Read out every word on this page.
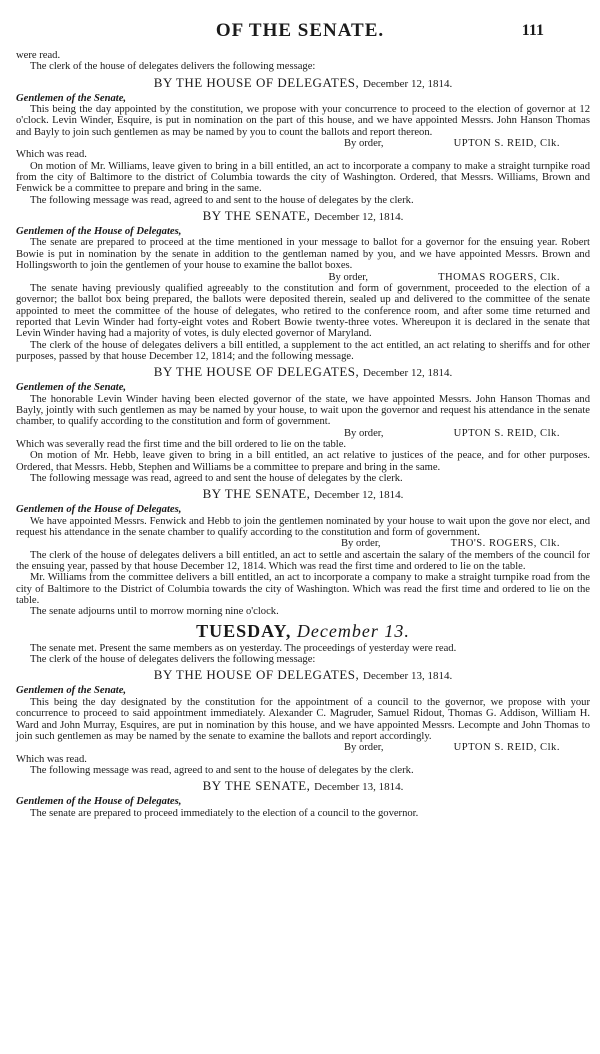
OF THE SENATE.	111

were read.

The clerk of the house of delegates delivers the following message:

BY THE HOUSE OF DELEGATES, December 12, 1814.

Gentlemen of the Senate,

This being the day appointed by the constitution, we propose with your concurrence to proceed to the election of governor at 12 o'clock. Levin Winder, Esquire, is put in nomination on the part of this house, and we have appointed Messrs. John Hanson Thomas and Bayly to join such gentlemen as may be named by you to count the ballots and report thereon.

By order,	UPTON S. REID, Clk.

Which was read.

On motion of Mr. Williams, leave given to bring in a bill entitled, an act to incorporate a company to make a straight turnpike road from the city of Baltimore to the district of Columbia towards the city of Washington. Ordered, that Messrs. Williams, Brown and Fenwick be a committee to prepare and bring in the same.

The following message was read, agreed to and sent to the house of delegates by the clerk.

BY THE SENATE, December 12, 1814.

Gentlemen of the House of Delegates,

The senate are prepared to proceed at the time mentioned in your message to ballot for a governor for the ensuing year. Robert Bowie is put in nomination by the senate in addition to the gentleman named by you, and we have appointed Messrs. Brown and Hollingsworth to join the gentlemen of your house to examine the ballot boxes.

By order,	THOMAS ROGERS, Clk.

The senate having previously qualified agreeably to the constitution and form of government, proceeded to the election of a governor; the ballot box being prepared, the ballots were deposited therein, sealed up and delivered to the committee of the senate appointed to meet the committee of the house of delegates, who retired to the conference room, and after some time returned and reported that Levin Winder had forty-eight votes and Robert Bowie twenty-three votes. Whereupon it is declared in the senate that Levin Winder having had a majority of votes, is duly elected governor of Maryland.

The clerk of the house of delegates delivers a bill entitled, a supplement to the act entitled, an act relating to sheriffs and for other purposes, passed by that house December 12, 1814; and the following message.

BY THE HOUSE OF DELEGATES, December 12, 1814.

Gentlemen of the Senate,

The honorable Levin Winder having been elected governor of the state, we have appointed Messrs. John Hanson Thomas and Bayly, jointly with such gentlemen as may be named by your house, to wait upon the governor and request his attendance in the senate chamber, to qualify according to the constitution and form of government.

By order,	UPTON S. REID, Clk.

Which was severally read the first time and the bill ordered to lie on the table.

On motion of Mr. Hebb, leave given to bring in a bill entitled, an act relative to justices of the peace, and for other purposes. Ordered, that Messrs. Hebb, Stephen and Williams be a committee to prepare and bring in the same.

The following message was read, agreed to and sent the house of delegates by the clerk.

BY THE SENATE, December 12, 1814.

Gentlemen of the House of Delegates,

We have appointed Messrs. Fenwick and Hebb to join the gentlemen nominated by your house to wait upon the gove nor elect, and request his attendance in the senate chamber to qualify according to the constitution and form of government.

By order,	THO'S. ROGERS, Clk.

The clerk of the house of delegates delivers a bill entitled, an act to settle and ascertain the salary of the members of the council for the ensuing year, passed by that house December 12, 1814. Which was read the first time and ordered to lie on the table.

Mr. Williams from the committee delivers a bill entitled, an act to incorporate a company to make a straight turnpike road from the city of Baltimore to the District of Columbia towards the city of Washington. Which was read the first time and ordered to lie on the table.

The senate adjourns until to morrow morning nine o'clock.

TUESDAY, December 13.

The senate met. Present the same members as on yesterday. The proceedings of yesterday were read.

The clerk of the house of delegates delivers the following message:

BY THE HOUSE OF DELEGATES, December 13, 1814.

Gentlemen of the Senate,

This being the day designated by the constitution for the appointment of a council to the governor, we propose with your concurrence to proceed to said appointment immediately. Alexander C. Magruder, Samuel Ridout, Thomas G. Addison, William H. Ward and John Murray, Esquires, are put in nomination by this house, and we have appointed Messrs. Lecompte and John Thomas to join such gentlemen as may be named by the senate to examine the ballots and report accordingly.

By order,	UPTON S. REID, Clk.

Which was read.

The following message was read, agreed to and sent to the house of delegates by the clerk.

BY THE SENATE, December 13, 1814.

Gentlemen of the House of Delegates,

The senate are prepared to proceed immediately to the election of a council to the governor.
